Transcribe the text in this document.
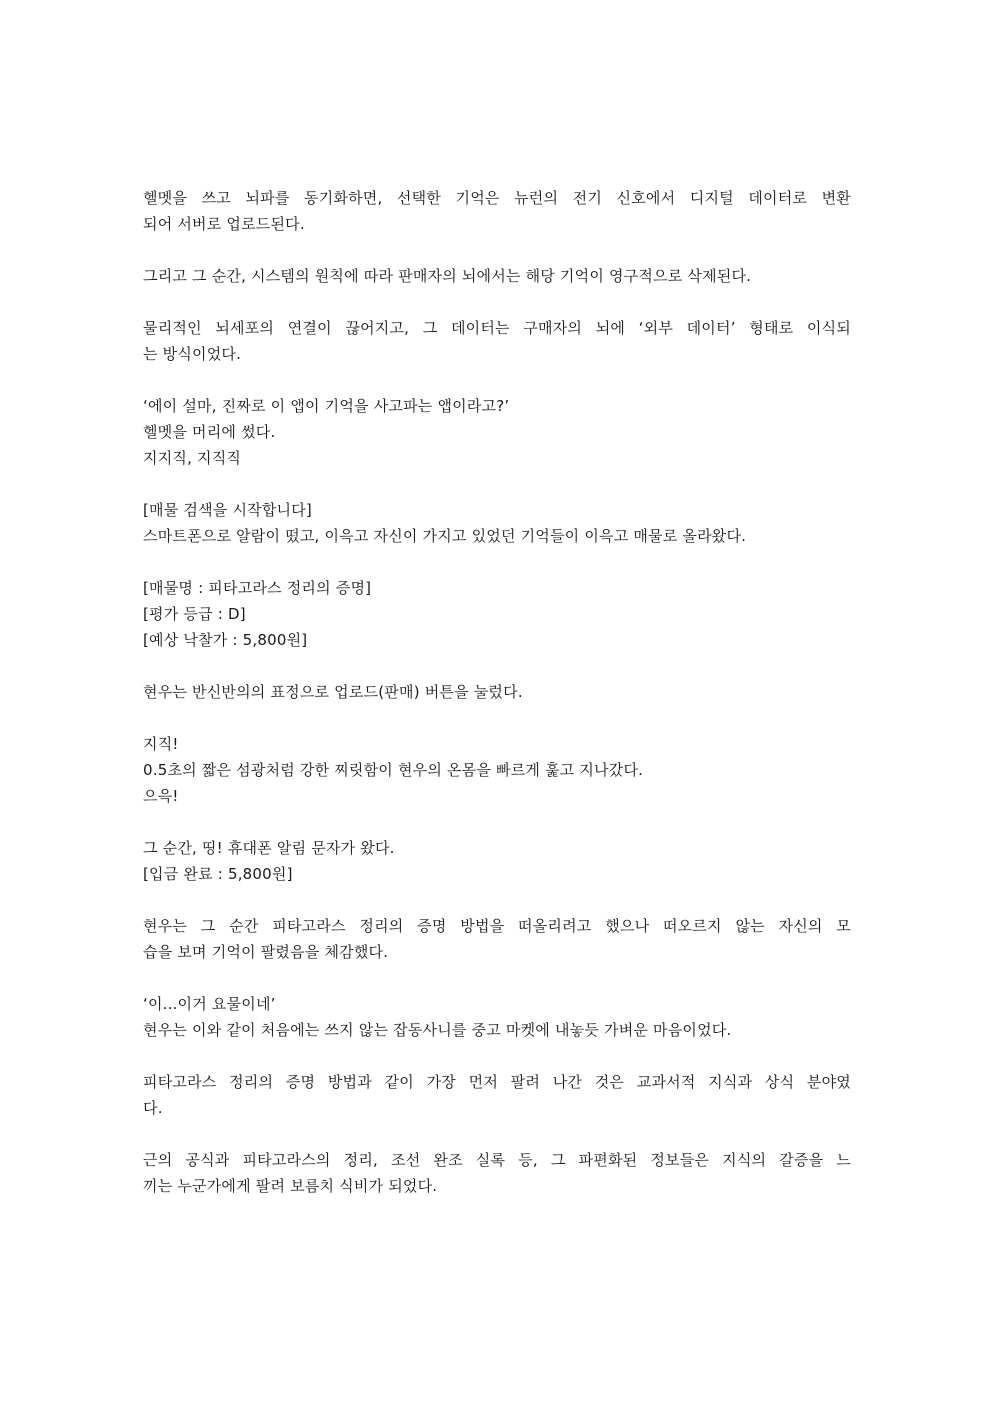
헬멧을 쓰고 뇌파를 동기화하면, 선택한 기억은 뉴런의 전기 신호에서 디지털 데이터로 변환
되어 서버로 업로드된다.

그리고 그 순간, 시스템의 원칙에 따라 판매자의 뇌에서는 해당 기억이 영구적으로 삭제된다.

물리적인 뇌세포의 연결이 끊어지고, 그 데이터는 구매자의 뇌에 ‘외부 데이터’ 형태로 이식되
는 방식이었다.

‘에이 설마, 진짜로 이 앱이 기억을 사고파는 앱이라고?’
헬멧을 머리에 썼다.
지지직, 지직직

[매물 검색을 시작합니다]
스마트폰으로 알람이 떴고, 이윽고 자신이 가지고 있었던 기억들이 이윽고 매물로 올라왔다.

[매물명 : 피타고라스 정리의 증명]
[평가 등급 : D]
[예상 낙찰가 : 5,800원]

현우는 반신반의의 표정으로 업로드(판매) 버튼을 눌렀다.

지직!
0.5초의 짧은 섬광처럼 강한 찌릿함이 현우의 온몸을 빠르게 훑고 지나갔다.
으윽!

그 순간, 띵! 휴대폰 알림 문자가 왔다.
[입금 완료 : 5,800원]

현우는 그 순간 피타고라스 정리의 증명 방법을 떠올리려고 했으나 떠오르지 않는 자신의 모
습을 보며 기억이 팔렸음을 체감했다.

‘이...이거 요물이네’
현우는 이와 같이 처음에는 쓰지 않는 잡동사니를 중고 마켓에 내놓듯 가벼운 마음이었다.

피타고라스 정리의 증명 방법과 같이 가장 먼저 팔려 나간 것은 교과서적 지식과 상식 분야였
다.

근의 공식과 피타고라스의 정리, 조선 완조 실록 등, 그 파편화된 정보들은 지식의 갈증을 느
끼는 누군가에게 팔려 보름치 식비가 되었다.
